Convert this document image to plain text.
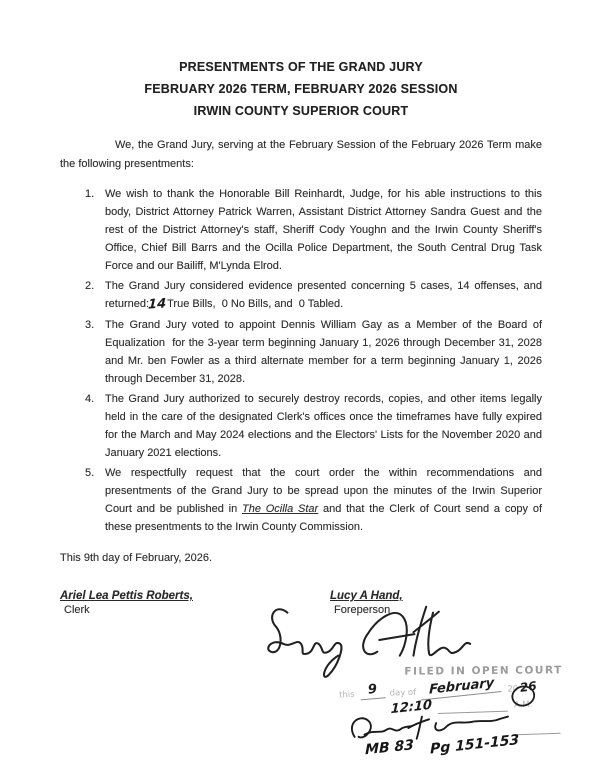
PRESENTMENTS OF THE GRAND JURY
FEBRUARY 2026 TERM, FEBRUARY 2026 SESSION
IRWIN COUNTY SUPERIOR COURT

We, the Grand Jury, serving at the February Session of the February 2026 Term make the following presentments:

1. We wish to thank the Honorable Bill Reinhardt, Judge, for his able instructions to this body, District Attorney Patrick Warren, Assistant District Attorney Sandra Guest and the rest of the District Attorney's staff, Sheriff Cody Youghn and the Irwin County Sheriff's Office, Chief Bill Barrs and the Ocilla Police Department, the South Central Drug Task Force and our Bailiff, M'Lynda Elrod.
2. The Grand Jury considered evidence presented concerning 5 cases, 14 offenses, and returned:14True Bills,  0 No Bills, and  0 Tabled.
3. The Grand Jury voted to appoint Dennis William Gay as a Member of the Board of Equalization  for the 3-year term beginning January 1, 2026 through December 31, 2028 and Mr. ben Fowler as a third alternate member for a term beginning January 1, 2026 through December 31, 2028.
4. The Grand Jury authorized to securely destroy records, copies, and other items legally held in the care of the designated Clerk's offices once the timeframes have fully expired for the March and May 2024 elections and the Electors' Lists for the November 2020 and January 2021 elections.
5. We respectfully request that the court order the within recommendations and presentments of the Grand Jury to be spread upon the minutes of the Irwin Superior Court and be published in The Ocilla Star and that the Clerk of Court send a copy of these presentments to the Irwin County Commission.
This 9th day of February, 2026.
Ariel Lea Pettis Roberts,
Clerk
Lucy A Hand,
Foreperson
FILED IN OPEN COURT
this 9	day of February	20 26
12:10	A.M.
MB 83 Pg 151-153
